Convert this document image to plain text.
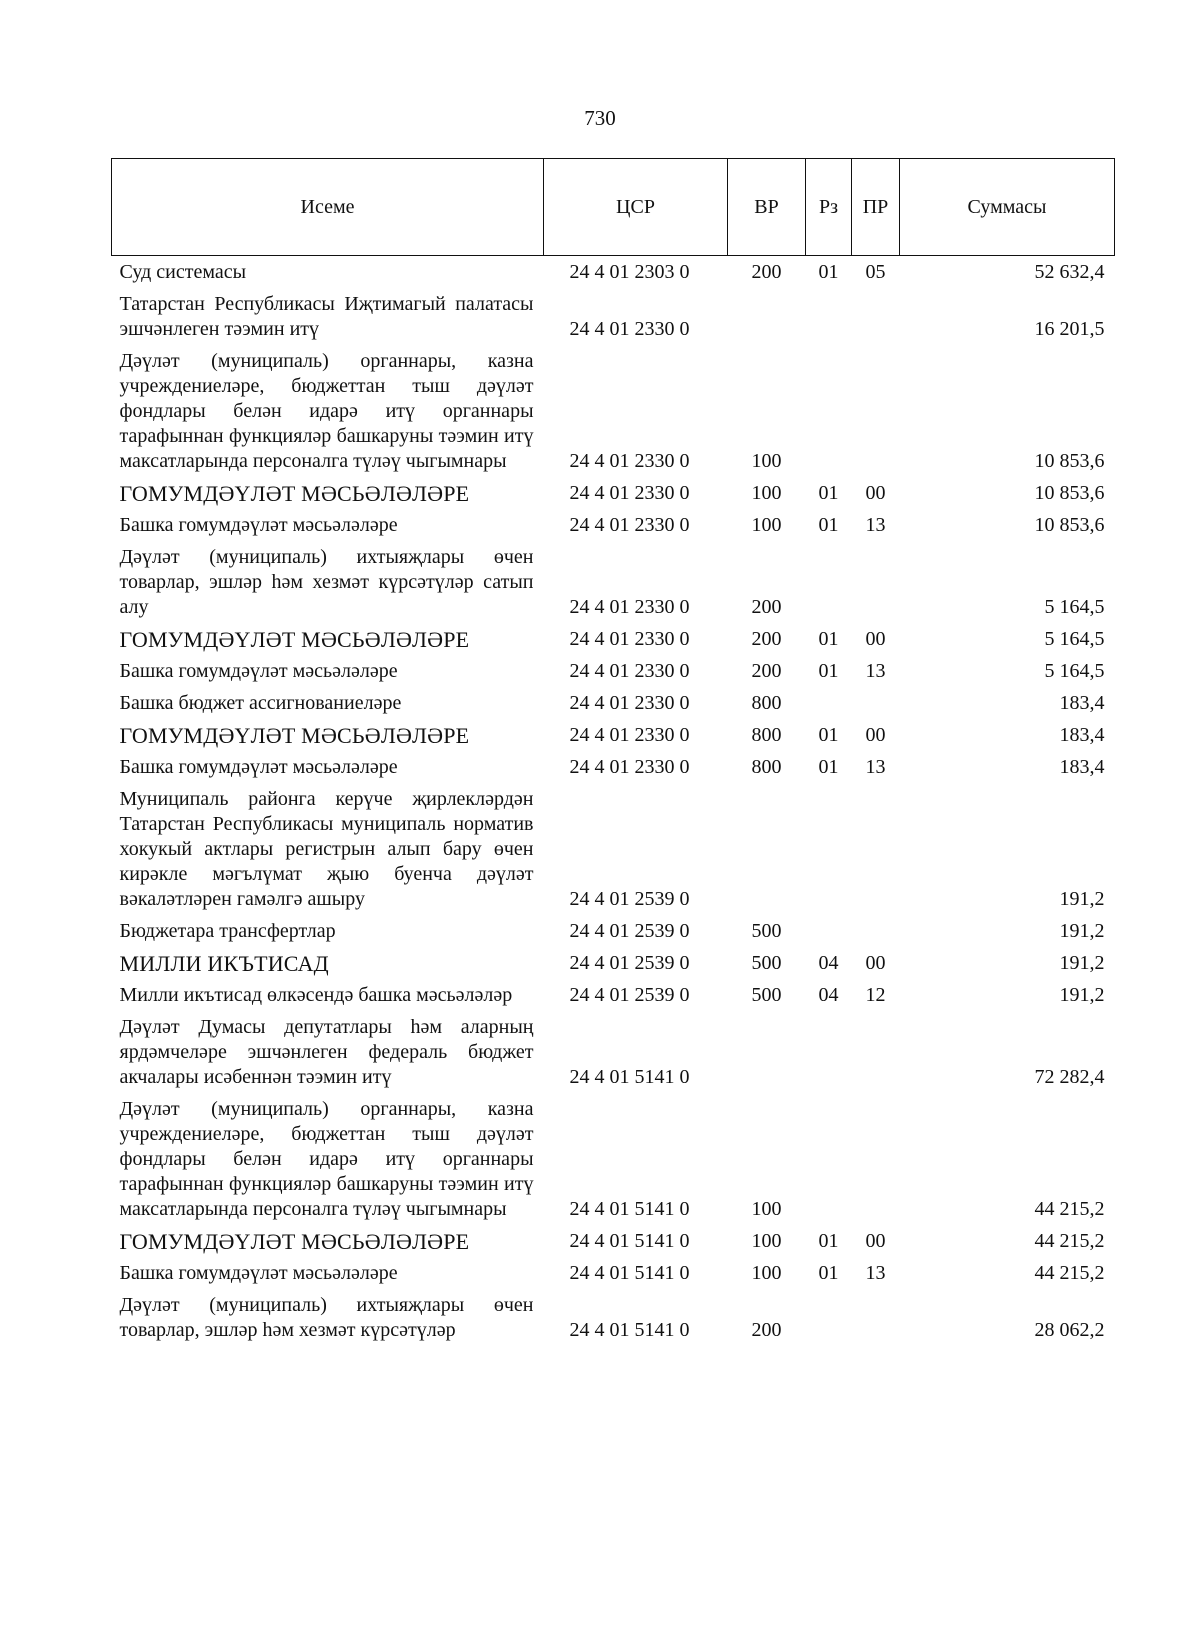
730
Исеме	ЦСР	ВР	Рз	ПР	Суммасы
Суд системасы	24 4 01 2303 0	200	01	05	52 632,4
Татарстан Республикасы Иҗтимагый палатасы эшчәнлеген тәэмин итү	24 4 01 2330 0				16 201,5
Дәүләт (муниципаль) органнары, казна учреждениеләре, бюджеттан тыш дәүләт фондлары белән идарә итү органнары тарафыннан функцияләр башкаруны тәэмин итү максатларында персоналга түләү чыгымнары	24 4 01 2330 0	100			10 853,6
ГОМУМДӘҮЛӘТ МӘСЬӘЛӘЛӘРЕ	24 4 01 2330 0	100	01	00	10 853,6
Башка гомумдәүләт мәсьәләләре	24 4 01 2330 0	100	01	13	10 853,6
Дәүләт (муниципаль) ихтыяҗлары өчен товарлар, эшләр һәм хезмәт күрсәтүләр сатып алу	24 4 01 2330 0	200			5 164,5
ГОМУМДӘҮЛӘТ МӘСЬӘЛӘЛӘРЕ	24 4 01 2330 0	200	01	00	5 164,5
Башка гомумдәүләт мәсьәләләре	24 4 01 2330 0	200	01	13	5 164,5
Башка бюджет ассигнованиеләре	24 4 01 2330 0	800			183,4
ГОМУМДӘҮЛӘТ МӘСЬӘЛӘЛӘРЕ	24 4 01 2330 0	800	01	00	183,4
Башка гомумдәүләт мәсьәләләре	24 4 01 2330 0	800	01	13	183,4
Муниципаль районга керүче җирлекләрдән Татарстан Республикасы муниципаль норматив хокукый актлары регистрын алып бару өчен кирәкле мәгълүмат җыю буенча дәүләт вәкаләтләрен гамәлгә ашыру	24 4 01 2539 0				191,2
Бюджетара трансфертлар	24 4 01 2539 0	500			191,2
МИЛЛИ ИКЪТИСАД	24 4 01 2539 0	500	04	00	191,2
Милли икътисад өлкәсендә башка мәсьәләләр	24 4 01 2539 0	500	04	12	191,2
Дәүләт Думасы депутатлары һәм аларның ярдәмчеләре эшчәнлеген федераль бюджет акчалары исәбеннән тәэмин итү	24 4 01 5141 0				72 282,4
Дәүләт (муниципаль) органнары, казна учреждениеләре, бюджеттан тыш дәүләт фондлары белән идарә итү органнары тарафыннан функцияләр башкаруны тәэмин итү максатларында персоналга түләү чыгымнары	24 4 01 5141 0	100			44 215,2
ГОМУМДӘҮЛӘТ МӘСЬӘЛӘЛӘРЕ	24 4 01 5141 0	100	01	00	44 215,2
Башка гомумдәүләт мәсьәләләре	24 4 01 5141 0	100	01	13	44 215,2
Дәүләт (муниципаль) ихтыяҗлары өчен товарлар, эшләр һәм хезмәт күрсәтүләр	24 4 01 5141 0	200			28 062,2
